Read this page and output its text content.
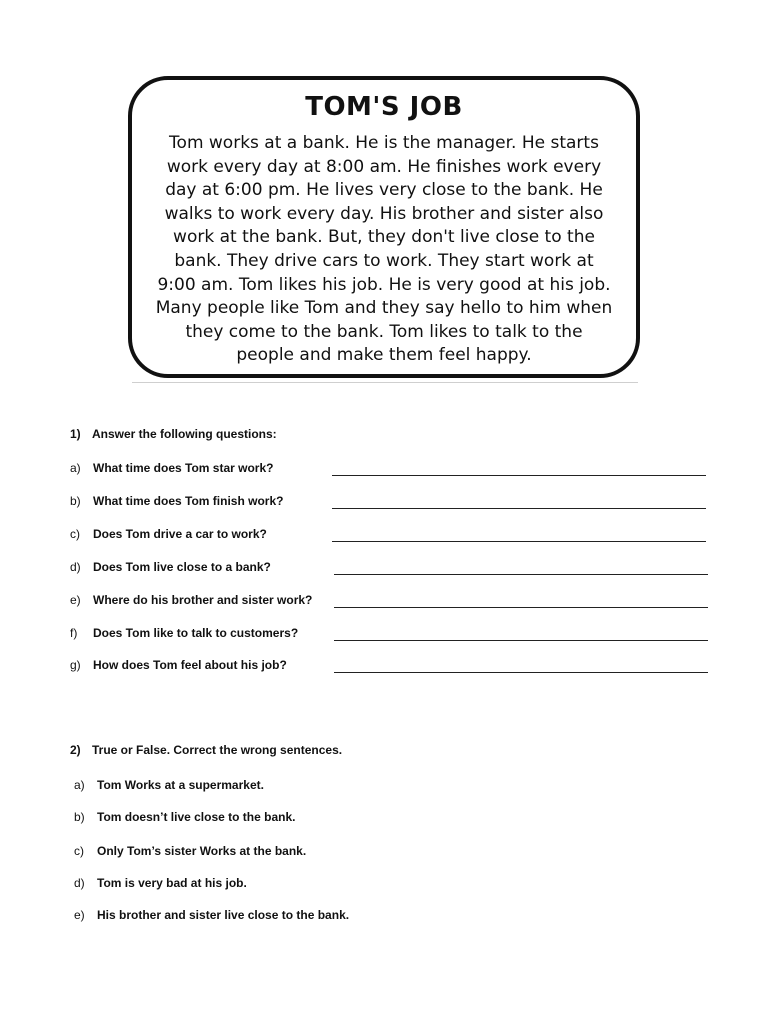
TOM'S JOB
Tom works at a bank. He is the manager. He starts
work every day at 8:00 am. He finishes work every
day at 6:00 pm. He lives very close to the bank. He
walks to work every day. His brother and sister also
work at the bank. But, they don't live close to the
bank. They drive cars to work. They start work at
9:00 am. Tom likes his job. He is very good at his job.
Many people like Tom and they say hello to him when
they come to the bank. Tom likes to talk to the
people and make them feel happy.
1) Answer the following questions:
a) What time does Tom star work?
b) What time does Tom finish work?
c) Does Tom drive a car to work?
d) Does Tom live close to a bank?
e) Where do his brother and sister work?
f) Does Tom like to talk to customers?
g) How does Tom feel about his job?
2) True or False. Correct the wrong sentences.
a) Tom Works at a supermarket.
b) Tom doesn’t live close to the bank.
c) Only Tom’s sister Works at the bank.
d) Tom is very bad at his job.
e) His brother and sister live close to the bank.
